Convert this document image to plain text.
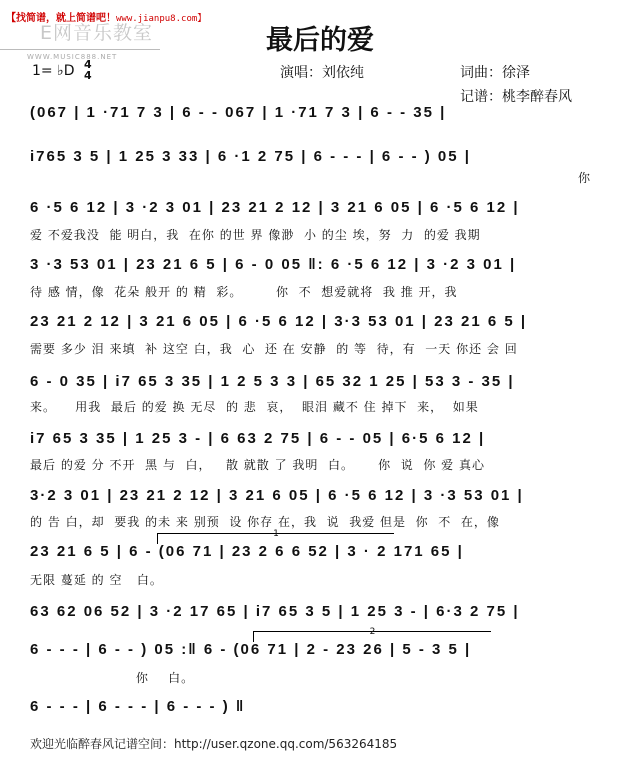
【找简谱，就上简谱吧！www.jianpu8.com】
E网音乐教室
WWW.MUSIC888.NET
最后的爱
1= ♭D 4
4	演唱：刘依纯	词曲：徐泽
记谱：桃李醉春风
(067 | 1 ·71 7 3 | 6 - - 067 | 1 ·71 7 3 | 6 - - 35 |
i765 3 5 | 1 25 3 33 | 6 ·1 2 75 | 6 - - - | 6 - - ) 05 |
你
6 ·5 6 12 | 3 ·2 3 01 | 23 21 2 12 | 3 21 6 05 | 6 ·5 6 12 |
爱 不爱我没  能 明白，我  在你 的世 界 像渺  小 的尘 埃，努  力  的爱 我期
3 ·3 53 01 | 23 21 6 5 | 6 - 0 05 ‖: 6 ·5 6 12 | 3 ·2 3 01 |
待 感 情，像  花朵 般开 的 精  彩。       你  不  想爱就将  我 推 开，我
23 21 2 12 | 3 21 6 05 | 6 ·5 6 12 | 3·3 53 01 | 23 21 6 5 |
需要 多少 泪 来填  补 这空 白，我  心  还 在 安静  的 等  待，有  一天 你还 会 回
6 - 0 35 | i7 65 3 35 | 1 2 5 3 3 | 65 32 1 25 | 53 3 - 35 |
来。    用我  最后 的爱 换 无尽  的 悲  哀，  眼泪 藏不 住 掉下  来，  如果
i7 65 3 35 | 1 25 3 - | 6 63 2 75 | 6 - - 05 | 6·5 6 12 |
最后 的爱 分 不开  黑 与  白，   散 就散 了 我明  白。     你  说  你 爱 真心
3·2 3 01 | 23 21 2 12 | 3 21 6 05 | 6 ·5 6 12 | 3 ·3 53 01 |
的 告 白，却  要我 的未 来 别预  设 你存 在，我  说  我爱 但是  你  不  在，像
1
23 21 6 5 | 6 - (06 71 | 23 2 6 6 52 | 3 · 2 171 65 |
无限 蔓延 的 空   白。
63 62 06 52 | 3 ·2 17 65 | i7 65 3 5 | 1 25 3 - | 6·3 2 75 |
2
6 - - - | 6 - - ) 05 :‖ 6 - (06 71 | 2 - 23 26 | 5 - 3 5 |
你    白。
6 - - - | 6 - - - | 6 - - - ) ‖
欢迎光临醉春风记谱空间：http://user.qzone.qq.com/563264185
